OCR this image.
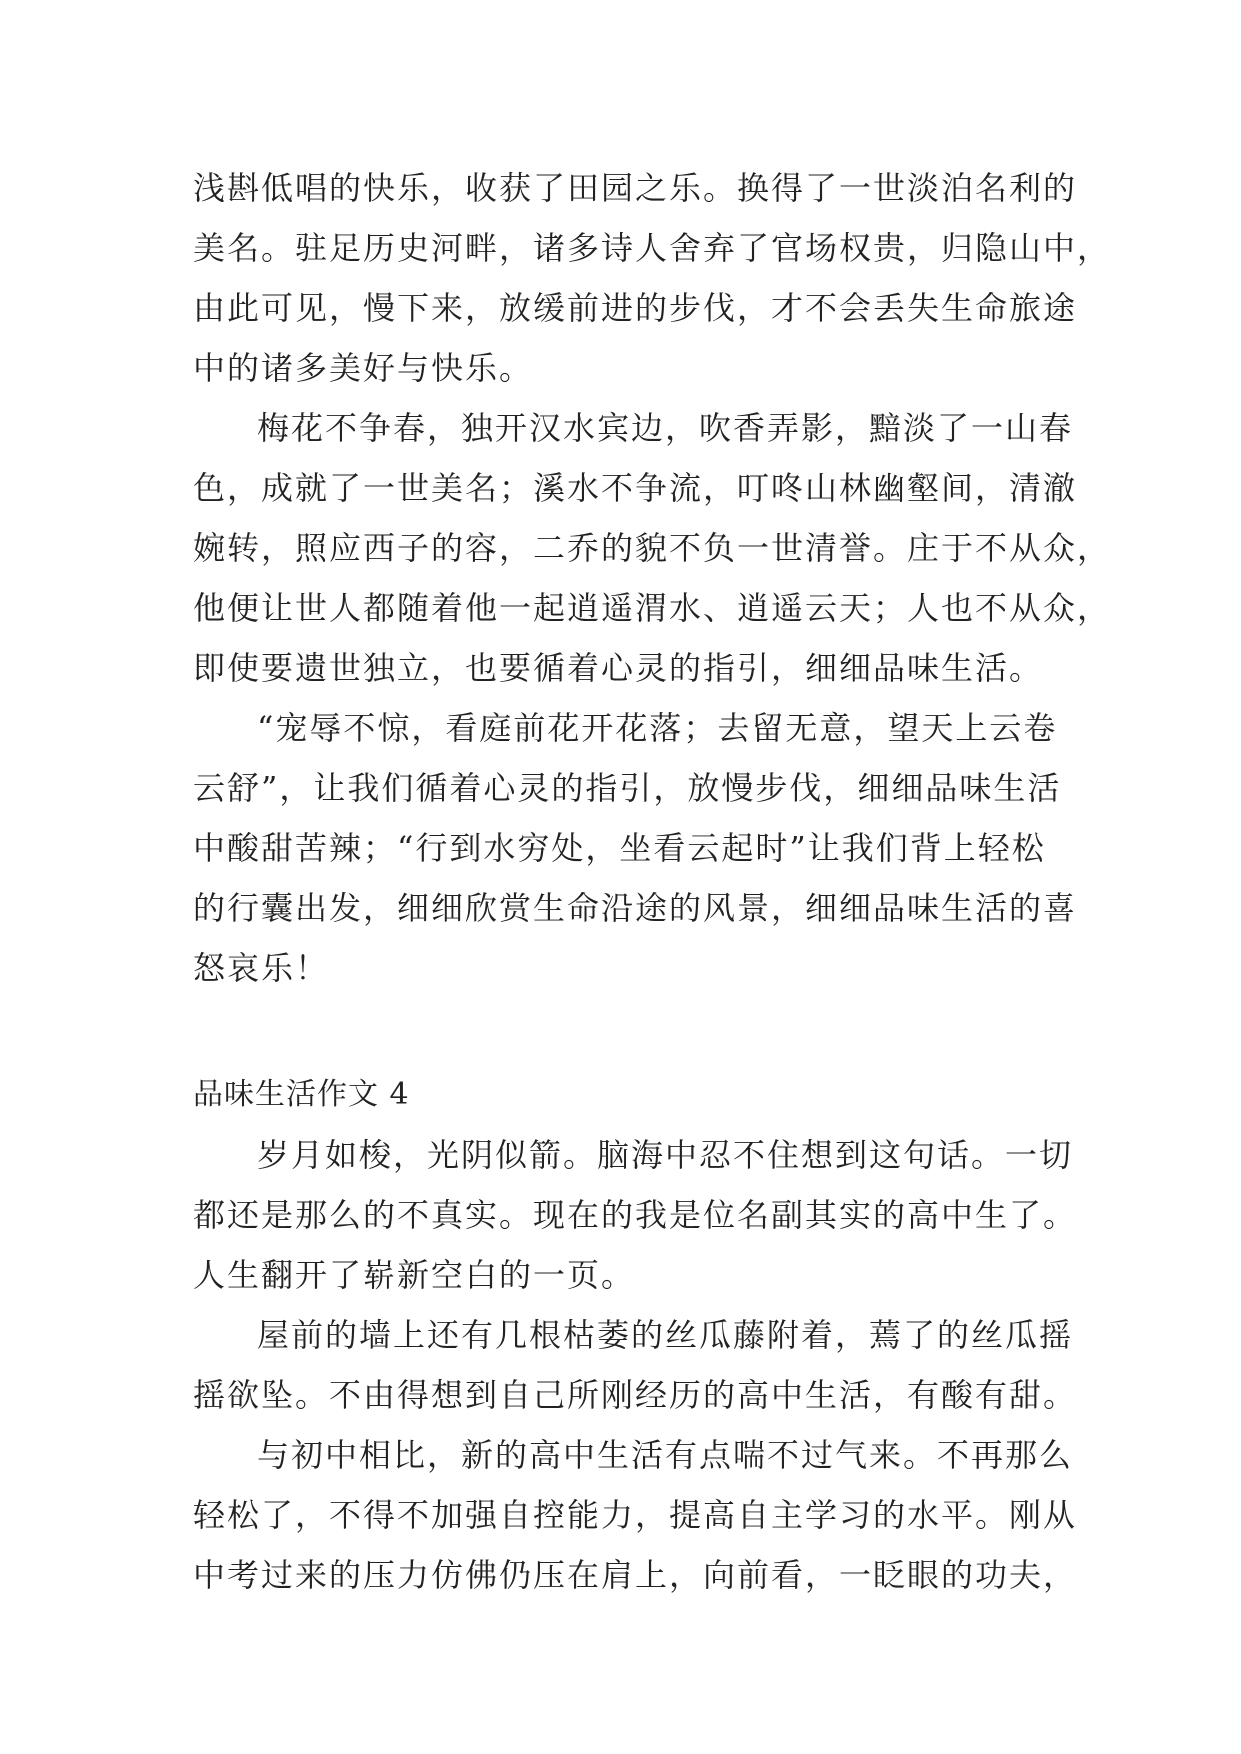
浅斟低唱的快乐，收获了田园之乐。换得了一世淡泊名利的
美名。驻足历史河畔，诸多诗人舍弃了官场权贵，归隐山中，
由此可见，慢下来，放缓前进的步伐，才不会丢失生命旅途
中的诸多美好与快乐。
梅花不争春，独开汉水宾边，吹香弄影，黯淡了一山春
色，成就了一世美名；溪水不争流，叮咚山林幽壑间，清澈
婉转，照应西子的容，二乔的貌不负一世清誉。庄于不从众，
他便让世人都随着他一起逍遥渭水、逍遥云天；人也不从众，
即使要遗世独立，也要循着心灵的指引，细细品味生活。
“宠辱不惊，看庭前花开花落；去留无意，望天上云卷
云舒”，让我们循着心灵的指引，放慢步伐，细细品味生活
中酸甜苦辣；“行到水穷处，坐看云起时”让我们背上轻松
的行囊出发，细细欣赏生命沿途的风景，细细品味生活的喜
怒哀乐！
品味生活作文 4
岁月如梭，光阴似箭。脑海中忍不住想到这句话。一切
都还是那么的不真实。现在的我是位名副其实的高中生了。
人生翻开了崭新空白的一页。
屋前的墙上还有几根枯萎的丝瓜藤附着，蔫了的丝瓜摇
摇欲坠。不由得想到自己所刚经历的高中生活，有酸有甜。
与初中相比，新的高中生活有点喘不过气来。不再那么
轻松了，不得不加强自控能力，提高自主学习的水平。刚从
中考过来的压力仿佛仍压在肩上，向前看，一眨眼的功夫，
